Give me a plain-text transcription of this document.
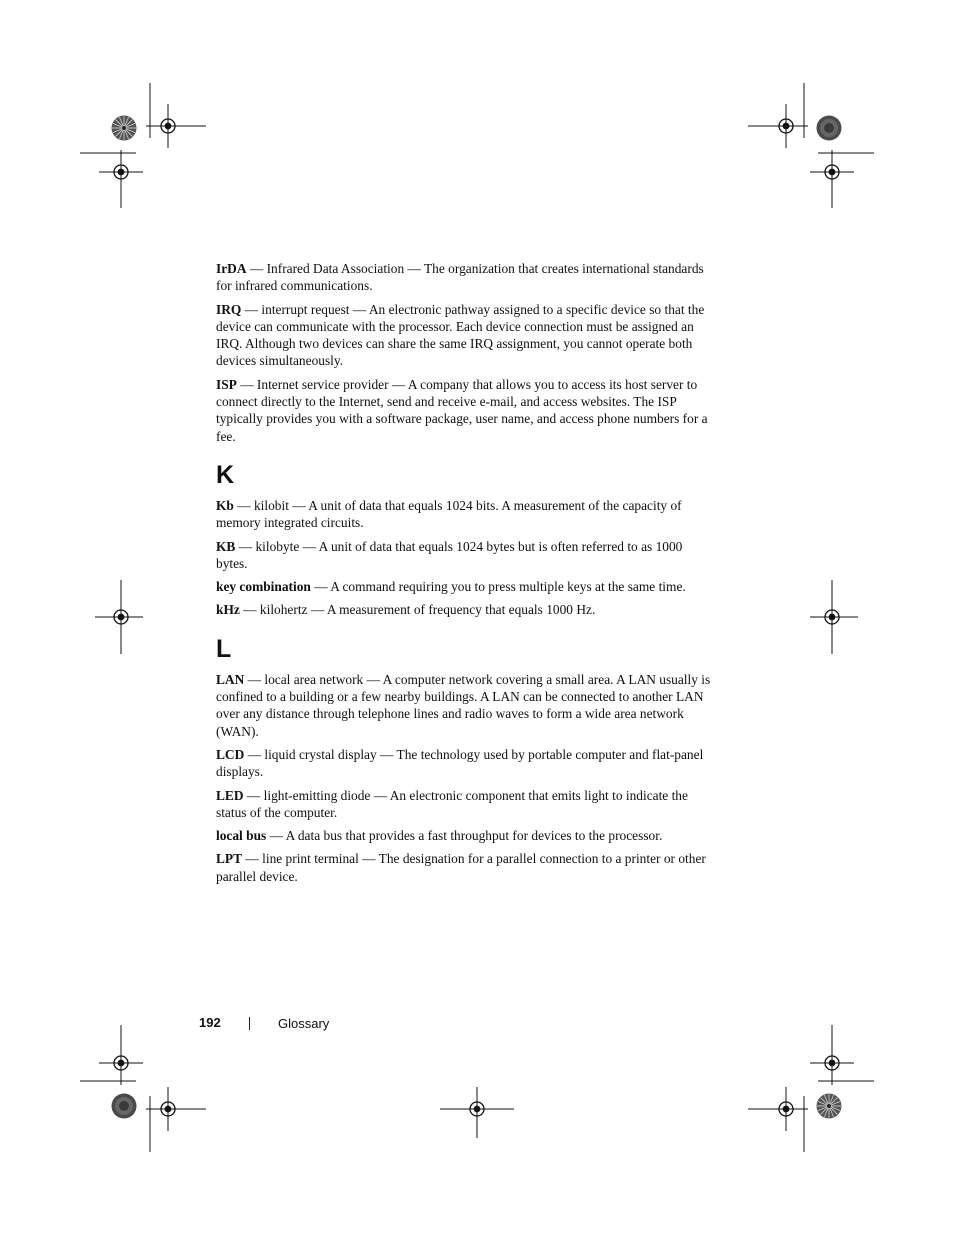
IrDA — Infrared Data Association — The organization that creates international standards for infrared communications.

IRQ — interrupt request — An electronic pathway assigned to a specific device so that the device can communicate with the processor. Each device connection must be assigned an IRQ. Although two devices can share the same IRQ assignment, you cannot operate both devices simultaneously.

ISP — Internet service provider — A company that allows you to access its host server to connect directly to the Internet, send and receive e-mail, and access websites. The ISP typically provides you with a software package, user name, and access phone numbers for a fee.

K

Kb — kilobit — A unit of data that equals 1024 bits. A measurement of the capacity of memory integrated circuits.

KB — kilobyte — A unit of data that equals 1024 bytes but is often referred to as 1000 bytes.

key combination — A command requiring you to press multiple keys at the same time.

kHz — kilohertz — A measurement of frequency that equals 1000 Hz.

L

LAN — local area network — A computer network covering a small area. A LAN usually is confined to a building or a few nearby buildings. A LAN can be connected to another LAN over any distance through telephone lines and radio waves to form a wide area network (WAN).

LCD — liquid crystal display — The technology used by portable computer and flat-panel displays.

LED — light-emitting diode — An electronic component that emits light to indicate the status of the computer.

local bus — A data bus that provides a fast throughput for devices to the processor.

LPT — line print terminal — The designation for a parallel connection to a printer or other parallel device.

192	Glossary
